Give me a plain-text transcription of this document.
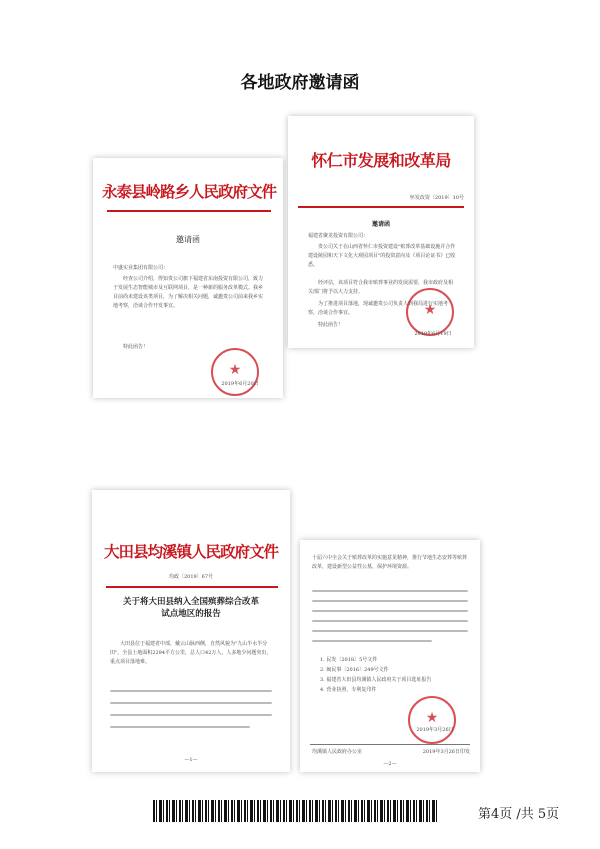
各地政府邀请函
永泰县岭路乡人民政府文件
邀请函
中盛实业集团有限公司：
经查公司介绍，得知贵公司旗下福建省东南投资有限公司，致力于发展生态智能城市及互联网项目，是一种新的服务改革模式。我乡目前尚未建设该类项目，为了解决相关问题，诚邀贵公司前来我乡实地考察，洽谈合作开发事宜。
特此函告！
★
2019年6月20日
怀仁市发展和改革局
怀发改资〔2019〕10号
邀请函
福建省聚龙投资有限公司：
贵公司关于在山西省怀仁市投资建设"殡葬改革基础设施并合作建设陵园和天下文化大观园项目"的投资意向及《项目论证书》已收悉。
经评估，该项目符合我市殡葬事业的发展需要，我市政府及相关部门将予以大力支持。
为了推进项目落地，现诚邀贵公司负责人到我局进行实地考察，洽谈合作事宜。
特此函告！
★
2019年6月19日
大田县均溪镇人民政府文件
均政〔2019〕67号
关于将大田县纳入全国殡葬综合改革试点地区的报告
大田县位于福建省中部，戴云山脉西侧，自然风貌为"九山半水半分田"，全县土地面积2294平方公里，总人口42万人，人多地少问题突出，重点项目落地难。
—1—
十届六中全会关于殡葬改革的实施意见精神，推行节地生态安葬等殡葬改革，建设新型公益性公墓，保护环境资源。
1. 民发〔2018〕5号文件
2. 闽民事〔2016〕249号文件
3. 福建省大田县均溪镇人民政府关于项目选址报告
4. 营业执照、专利复印件
★
2019年3月26日
均溪镇人民政府办公室	2019年3月26日印发
—2—
第4页 /共 5页
